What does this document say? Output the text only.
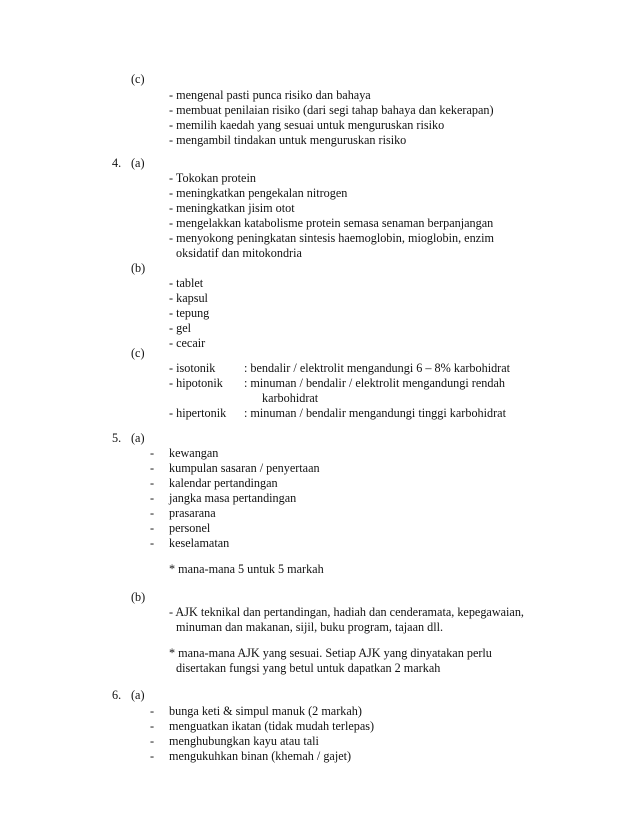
(c)
- mengenal pasti punca risiko dan bahaya
- membuat penilaian risiko (dari segi tahap bahaya dan kekerapan)
- memilih kaedah yang sesuai untuk menguruskan risiko
- mengambil tindakan untuk menguruskan risiko
4. (a)
- Tokokan protein
- meningkatkan pengekalan nitrogen
- meningkatkan jisim otot
- mengelakkan katabolisme protein semasa senaman berpanjangan
- menyokong peningkatan sintesis haemoglobin, mioglobin, enzim
oksidatif dan mitokondria
(b)
- tablet
- kapsul
- tepung
- gel
- cecair
(c)
- isotonik : bendalir / elektrolit mengandungi 6 – 8% karbohidrat
- hipotonik : minuman / bendalir / elektrolit mengandungi rendah
karbohidrat
- hipertonik : minuman / bendalir mengandungi tinggi karbohidrat
5. (a)
- kewangan
- kumpulan sasaran / penyertaan
- kalendar pertandingan
- jangka masa pertandingan
- prasarana
- personel
- keselamatan
* mana-mana 5 untuk 5 markah
(b)
- AJK teknikal dan pertandingan, hadiah dan cenderamata, kepegawaian,
minuman dan makanan, sijil, buku program, tajaan dll.
* mana-mana AJK yang sesuai. Setiap AJK yang dinyatakan perlu
disertakan fungsi yang betul untuk dapatkan 2 markah
6. (a)
- bunga keti & simpul manuk (2 markah)
- menguatkan ikatan (tidak mudah terlepas)
- menghubungkan kayu atau tali
- mengukuhkan binan (khemah / gajet)
